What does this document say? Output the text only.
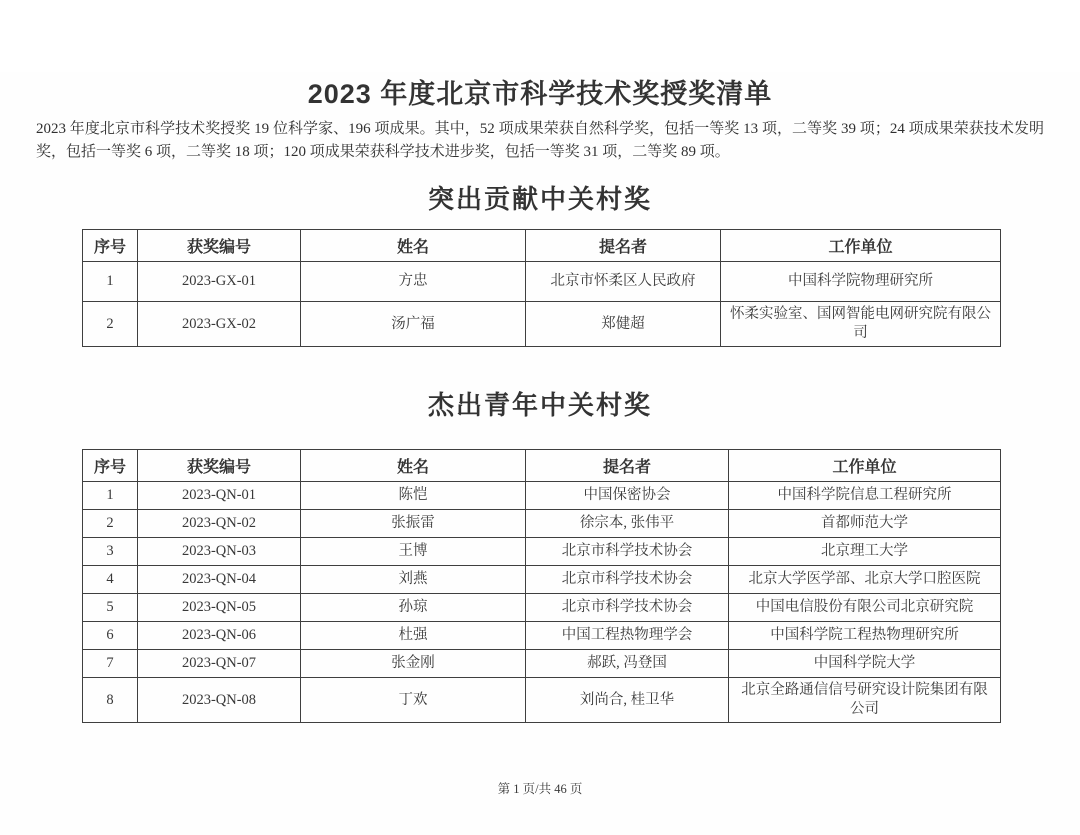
2023 年度北京市科学技术奖授奖清单

2023 年度北京市科学技术奖授奖 19 位科学家、196 项成果。其中，52 项成果荣获自然科学奖，包括一等奖 13 项，二等奖 39 项；24 项成果荣获技术发明奖，包括一等奖 6 项，二等奖 18 项；120 项成果荣获科学技术进步奖，包括一等奖 31 项，二等奖 89 项。

突出贡献中关村奖
序号	获奖编号	姓名	提名者	工作单位
1	2023-GX-01	方忠	北京市怀柔区人民政府	中国科学院物理研究所
2	2023-GX-02	汤广福	郑健超	怀柔实验室、国网智能电网研究院有限公司
杰出青年中关村奖
序号	获奖编号	姓名	提名者	工作单位
1	2023-QN-01	陈恺	中国保密协会	中国科学院信息工程研究所
2	2023-QN-02	张振雷	徐宗本, 张伟平	首都师范大学
3	2023-QN-03	王博	北京市科学技术协会	北京理工大学
4	2023-QN-04	刘燕	北京市科学技术协会	北京大学医学部、北京大学口腔医院
5	2023-QN-05	孙琼	北京市科学技术协会	中国电信股份有限公司北京研究院
6	2023-QN-06	杜强	中国工程热物理学会	中国科学院工程热物理研究所
7	2023-QN-07	张金刚	郝跃, 冯登国	中国科学院大学
8	2023-QN-08	丁欢	刘尚合, 桂卫华	北京全路通信信号研究设计院集团有限公司
第 1 页/共 46 页
